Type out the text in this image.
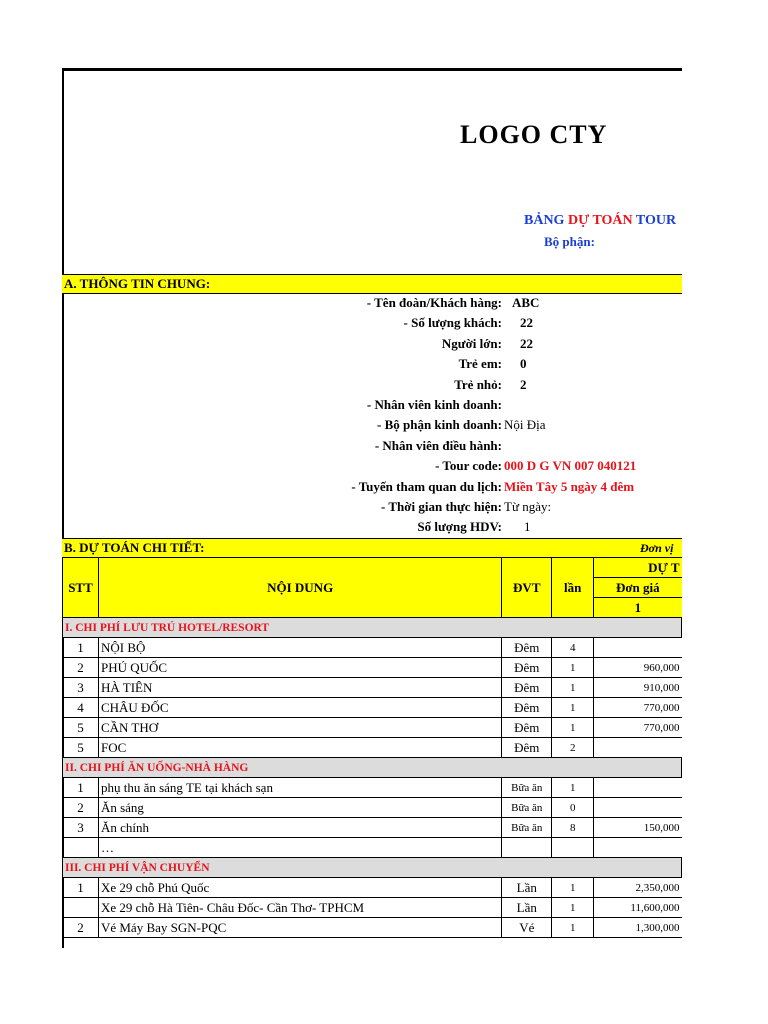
LOGO CTY
BẢNG DỰ TOÁN TOUR
Bộ phận:
A. THÔNG TIN CHUNG:
- Tên đoàn/Khách hàng: ABC
- Số lượng khách: 22
Người lớn: 22
Trẻ em: 0
Trẻ nhỏ: 2
- Nhân viên kinh doanh:
- Bộ phận kinh doanh: Nội Địa
- Nhân viên điều hành:
- Tour code: 000 D G VN 007 040121
- Tuyến tham quan du lịch: Miền Tây 5 ngày 4 đêm
- Thời gian thực hiện: Từ ngày:
Số lượng HDV: 1
B. DỰ TOÁN CHI TIẾT:	Đơn vị
STT	NỘI DUNG	ĐVT	lần	DỰ T
				Đơn giá
				1
I. CHI PHÍ LƯU TRÚ HOTEL/RESORT				
1	NỘI BỘ	Đêm	4	
2	PHÚ QUỐC	Đêm	1	960,000
3	HÀ TIÊN	Đêm	1	910,000
4	CHÂU ĐỐC	Đêm	1	770,000
5	CẦN THƠ	Đêm	1	770,000
5	FOC	Đêm	2	
II. CHI PHÍ ĂN UỐNG-NHÀ HÀNG				
1	phụ thu ăn sáng TE tại khách sạn	Bữa ăn	1	
2	Ăn sáng	Bữa ăn	0	
3	Ăn chính	Bữa ăn	8	150,000
	…			
III. CHI PHÍ VẬN CHUYỂN				
1	Xe 29 chỗ Phú Quốc	Lần	1	2,350,000
	Xe 29 chỗ Hà Tiên- Châu Đốc- Cần Thơ- TPHCM	Lần	1	11,600,000
2	Vé Máy Bay SGN-PQC	Vé	1	1,300,000
